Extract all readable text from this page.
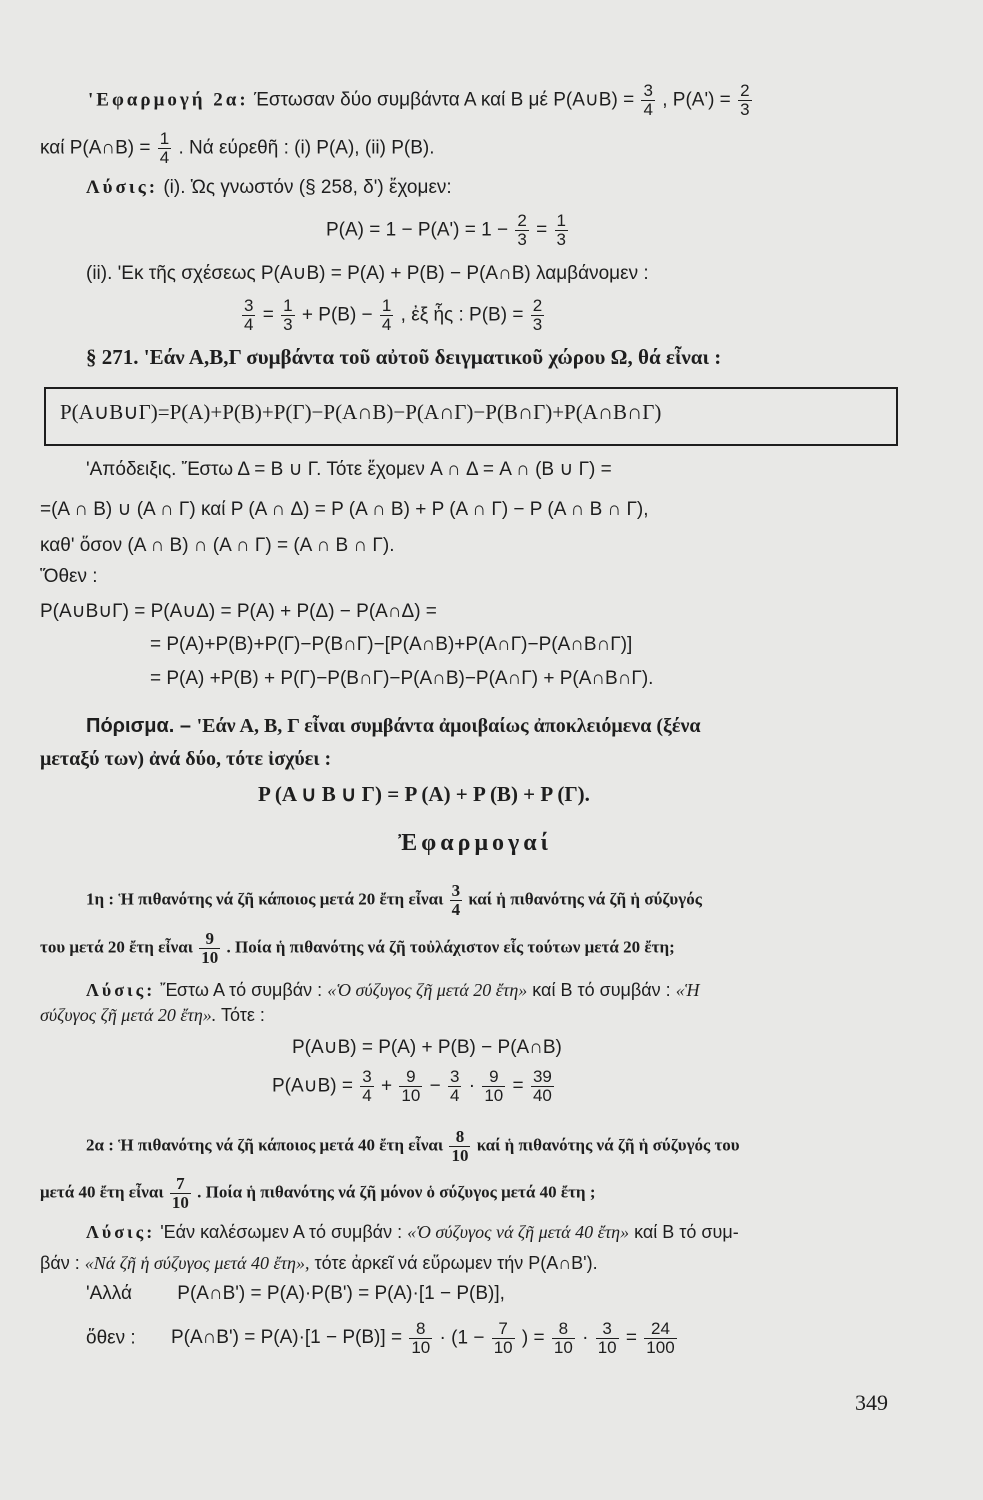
'Εφαρμογή 2α: Έστωσαν δύο συμβάντα Α καί Β μέ P(A∪B) = $\frac{3}{4}$ , $P(A') = \frac{2}{3}$
καί P(A∩B) = $\frac{1}{4}$ . Νά εύρεθῆ : (i) P(A), (ii) P(B).
Λύσις: (i). Ὡς γνωστόν (§ 258, δ') ἔχομεν:
$P(A) = 1 - P(A') = 1 - \frac{2}{3} = \frac{1}{3}$
(ii). 'Εκ τῆς σχέσεως P(A∪B) = P(A) + P(B) − P(A∩B) λαμβάνομεν :
$\frac{3}{4} = \frac{1}{3} + P(B) - \frac{1}{4}$ , ἐξ ἧς : $P(B) = \frac{2}{3}$
§ 271. 'Εάν Α,Β,Γ συμβάντα τοῦ αὐτοῦ δειγματικοῦ χώρου Ω, θά εἶναι :
P(A∪B∪Γ)=P(A)+P(B)+P(Γ)−P(A∩B)−P(A∩Γ)−P(B∩Γ)+P(A∩B∩Γ)
'Απόδειξις. Ἔστω Δ = B ∪ Γ. Τότε ἔχομεν A ∩ Δ = A ∩ (B ∪ Γ) =
=(A ∩ B) ∪ (A ∩ Γ) καί P (A ∩ Δ) = P (A ∩ B) + P (A ∩ Γ) − P (A ∩ B ∩ Γ),
καθ' ὅσον (A ∩ B) ∩ (A ∩ Γ) = (A ∩ B ∩ Γ).
Ὅθεν :
P(A∪B∪Γ) = P(A∪Δ) = P(A) + P(Δ) − P(A∩Δ) =
= P(A)+P(B)+P(Γ)−P(B∩Γ)−[P(A∩B)+P(A∩Γ)−P(A∩B∩Γ)]
= P(A) +P(B) + P(Γ)−P(B∩Γ)−P(A∩B)−P(A∩Γ) + P(A∩B∩Γ).
Πόρισμα. – 'Εάν Α, Β, Γ εἶναι συμβάντα ἀμοιβαίως ἀποκλειόμενα (ξένα
μεταξύ των) ἀνά δύο, τότε ἰσχύει :
P (A ∪ B ∪ Γ) = P (A) + P (B) + P (Γ).
Ἐφαρμογαί
1η : Ἡ πιθανότης νά ζῆ κάποιος μετά 20 ἔτη εἶναι $\frac{3}{4}$ καί ἡ πιθανότης νά ζῆ ἡ σύζυγός
του μετά 20 ἔτη εἶναι $\frac{9}{10}$ . Ποία ἡ πιθανότης νά ζῆ τοὐλάχιστον εἷς τούτων μετά 20 ἔτη;
Λύσις: Ἔστω Α τό συμβάν : «Ὁ σύζυγος ζῆ μετά 20 ἔτη» καί Β τό συμβάν : «Ἡ
σύζυγος ζῆ μετά 20 ἔτη». Τότε :
P(A∪B) = P(A) + P(B) − P(A∩B)
P(A∪B) = $\frac{3}{4} + \frac{9}{10} - \frac{3}{4} \cdot \frac{9}{10} = \frac{39}{40}$
2α : Ἡ πιθανότης νά ζῆ κάποιος μετά 40 ἔτη εἶναι $\frac{8}{10}$ καί ἡ πιθανότης νά ζῆ ἡ σύζυγός του
μετά 40 ἔτη εἶναι $\frac{7}{10}$ . Ποία ἡ πιθανότης νά ζῆ μόνον ὁ σύζυγος μετά 40 ἔτη ;
Λύσις: 'Εάν καλέσωμεν Α τό συμβάν : «Ὁ σύζυγος νά ζῆ μετά 40 ἔτη» καί Β τό συμ-
βάν : «Νά ζῆ ἡ σύζυγος μετά 40 ἔτη», τότε ἀρκεῖ νά εὕρωμεν τήν P(A∩B').
'Αλλά P(A∩B') = P(A)·P(B') = P(A)·[1 − P(B)],
ὅθεν : P(A∩B') = $P(A)\cdot[1 - P(B)] = \frac{8}{10} \cdot (1 - \frac{7}{10}$ ) = $\frac{8}{10} \cdot \frac{3}{10} = \frac{24}{100}$
349
